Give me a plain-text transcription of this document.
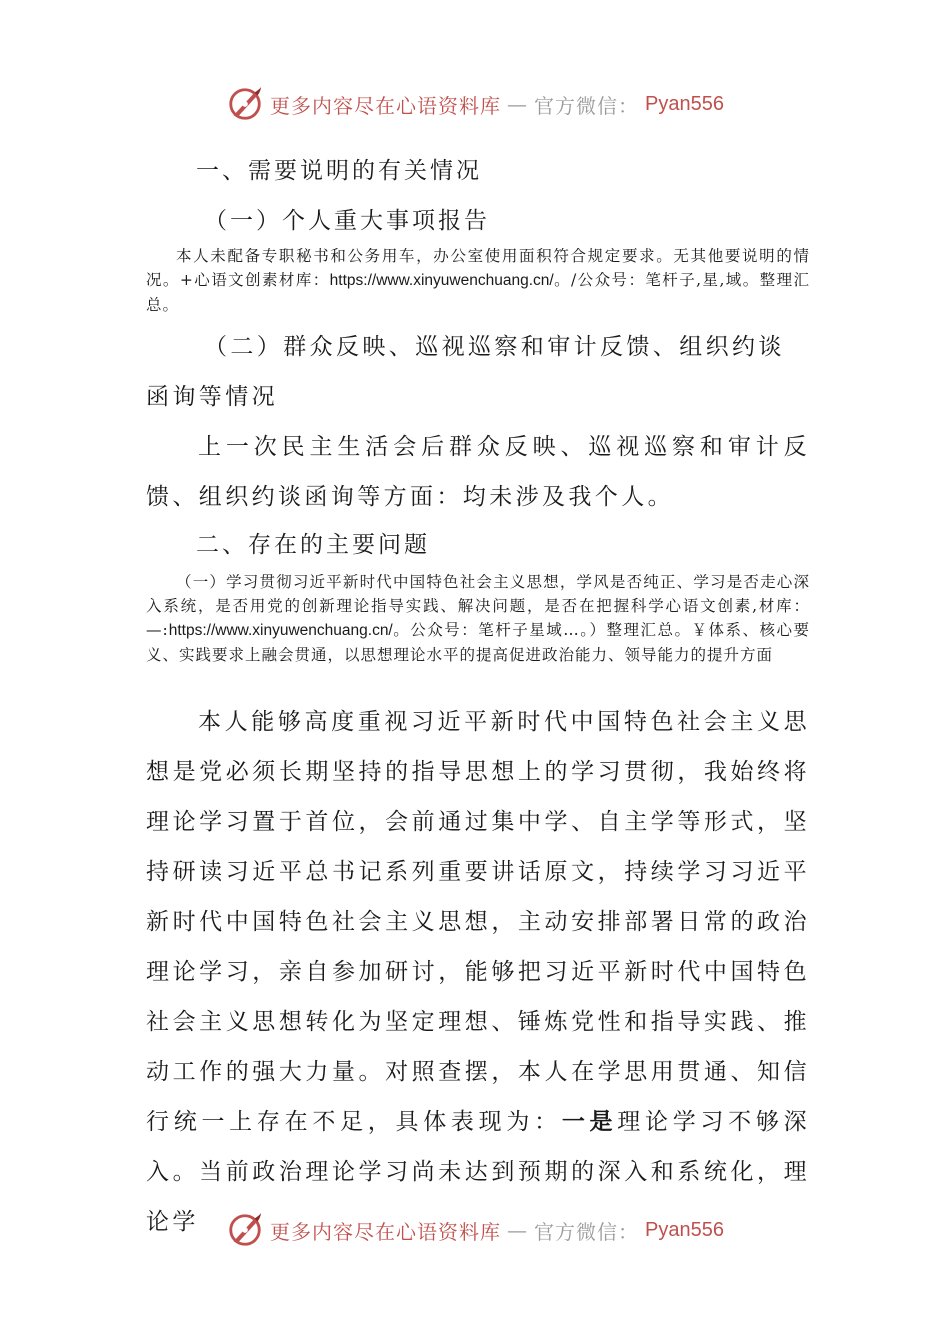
更多内容尽在心语资料库 — 官方微信： Pyan556
一、需要说明的有关情况
（一）个人重大事项报告
本人未配备专职秘书和公务用车，办公室使用面积符合规定要求。无其他要说明的情况。+心语文创素材库：https://www.xinyuwenchuang.cn/。/公众号：笔杆子,星,域。整理汇总。
（二）群众反映、巡视巡察和审计反馈、组织约谈函询等情况
上一次民主生活会后群众反映、巡视巡察和审计反馈、组织约谈函询等方面：均未涉及我个人。
二、存在的主要问题
（一）学习贯彻习近平新时代中国特色社会主义思想，学风是否纯正、学习是否走心深入系统，是否用党的创新理论指导实践、解决问题，是否在把握科学心语文创素,材库：—:https://www.xinyuwenchuang.cn/。公众号：笔杆子星域…。）整理汇总。￥体系、核心要义、实践要求上融会贯通，以思想理论水平的提高促进政治能力、领导能力的提升方面
本人能够高度重视习近平新时代中国特色社会主义思想是党必须长期坚持的指导思想上的学习贯彻，我始终将理论学习置于首位，会前通过集中学、自主学等形式，坚持研读习近平总书记系列重要讲话原文，持续学习习近平新时代中国特色社会主义思想，主动安排部署日常的政治理论学习，亲自参加研讨，能够把习近平新时代中国特色社会主义思想转化为坚定理想、锤炼党性和指导实践、推动工作的强大力量。对照查摆，本人在学思用贯通、知信行统一上存在不足，具体表现为：一是理论学习不够深入。当前政治理论学习尚未达到预期的深入和系统化，理论学	更多内容尽在心语资料库 — 官方微信： Pyan556
